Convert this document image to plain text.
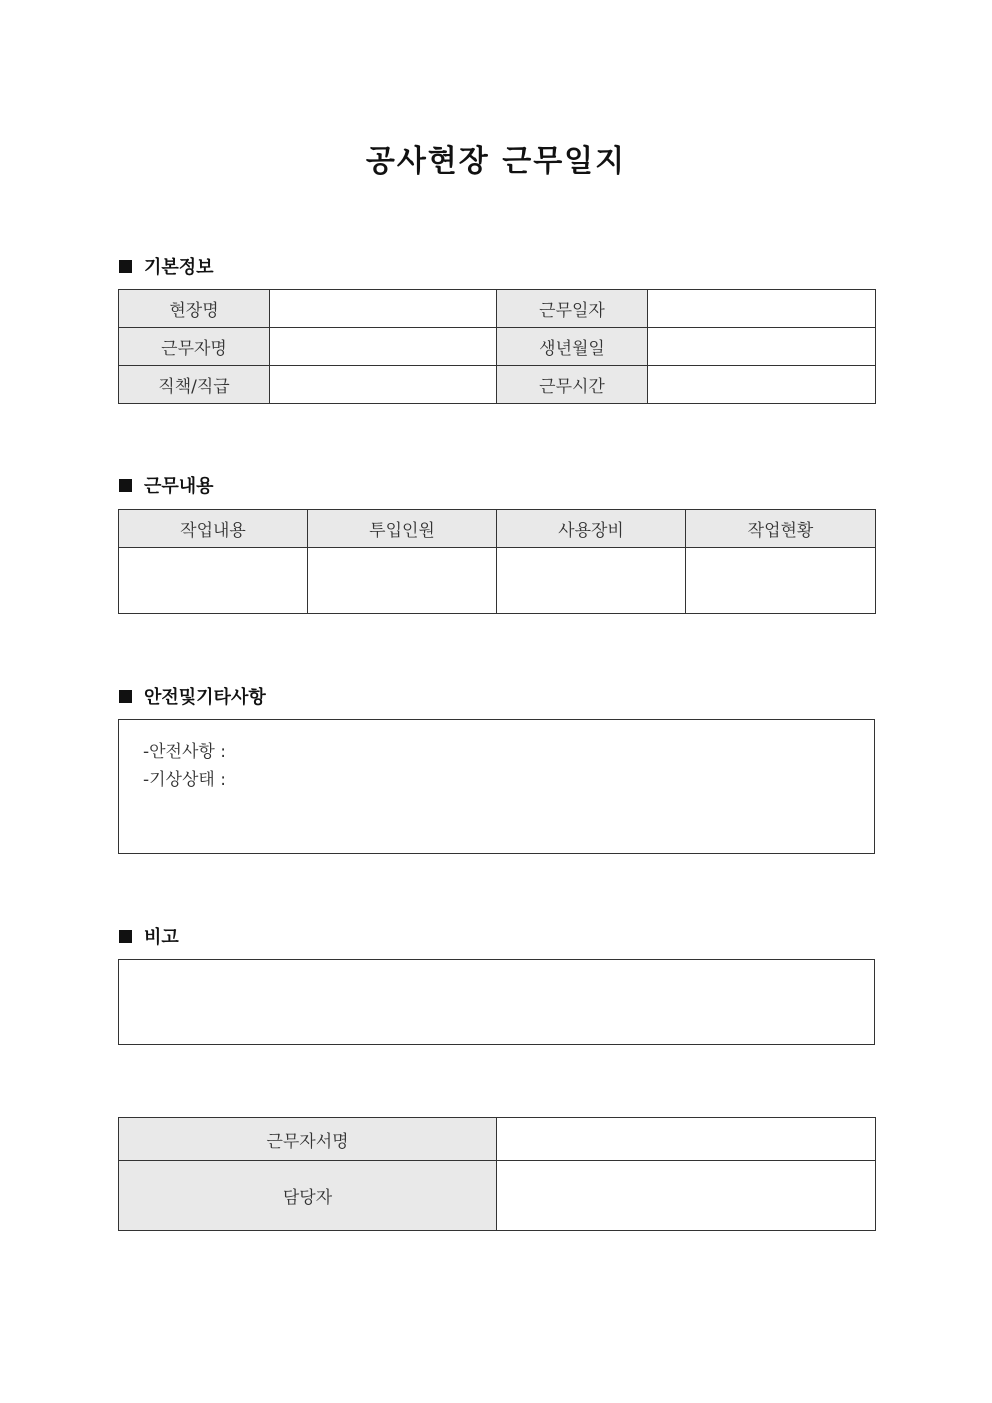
공사현장 근무일지
기본정보
현장명		근무일자	
근무자명		생년월일	
직책/직급		근무시간	
근무내용
작업내용	투입인원	사용장비	작업현황

안전및기타사항
-안전사항 :
-기상상태 :
비고
근무자서명	
담당자	
